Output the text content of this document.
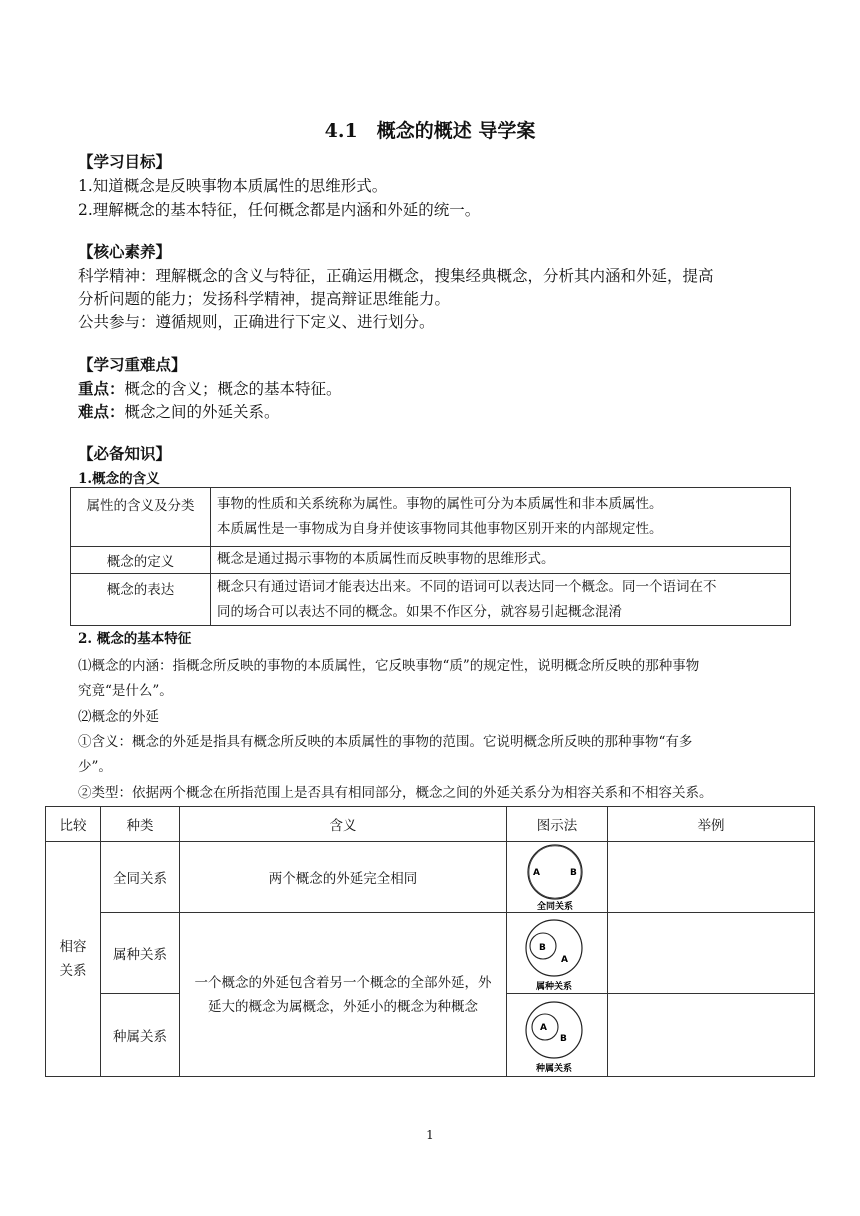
4.1　概念的概述 导学案
【学习目标】
1.知道概念是反映事物本质属性的思维形式。
2.理解概念的基本特征，任何概念都是内涵和外延的统一。
【核心素养】
科学精神：理解概念的含义与特征，正确运用概念，搜集经典概念，分析其内涵和外延，提高
分析问题的能力；发扬科学精神，提高辩证思维能力。
公共参与：遵循规则，正确进行下定义、进行划分。
【学习重难点】
重点：概念的含义；概念的基本特征。
难点：概念之间的外延关系。
【必备知识】
1.概念的含义
属性的含义及分类	事物的性质和关系统称为属性。事物的属性可分为本质属性和非本质属性。
本质属性是一事物成为自身并使该事物同其他事物区别开来的内部规定性。

概念的定义	概念是通过揭示事物的本质属性而反映事物的思维形式。

概念的表达	概念只有通过语词才能表达出来。不同的语词可以表达同一个概念。同一个语词在不
同的场合可以表达不同的概念。如果不作区分，就容易引起概念混淆
2. 概念的基本特征
⑴概念的内涵：指概念所反映的事物的本质属性，它反映事物“质”的规定性，说明概念所反映的那种事物
究竟“是什么”。
⑵概念的外延
①含义：概念的外延是指具有概念所反映的本质属性的事物的范围。它说明概念所反映的那种事物“有多
少”。
②类型：依据两个概念在所指范围上是否具有相同部分，概念之间的外延关系分为相容关系和不相容关系。
比较	种类	含义	图示法	举例

相容关系	全同关系	两个概念的外延完全相同	A B
全同关系	

	属种关系	一个概念的外延包含着另一个概念的全部外延，外延大的概念为属概念，外延小的概念为种概念	B
A
属种关系	

	种属关系		A
B
种属关系	

1
